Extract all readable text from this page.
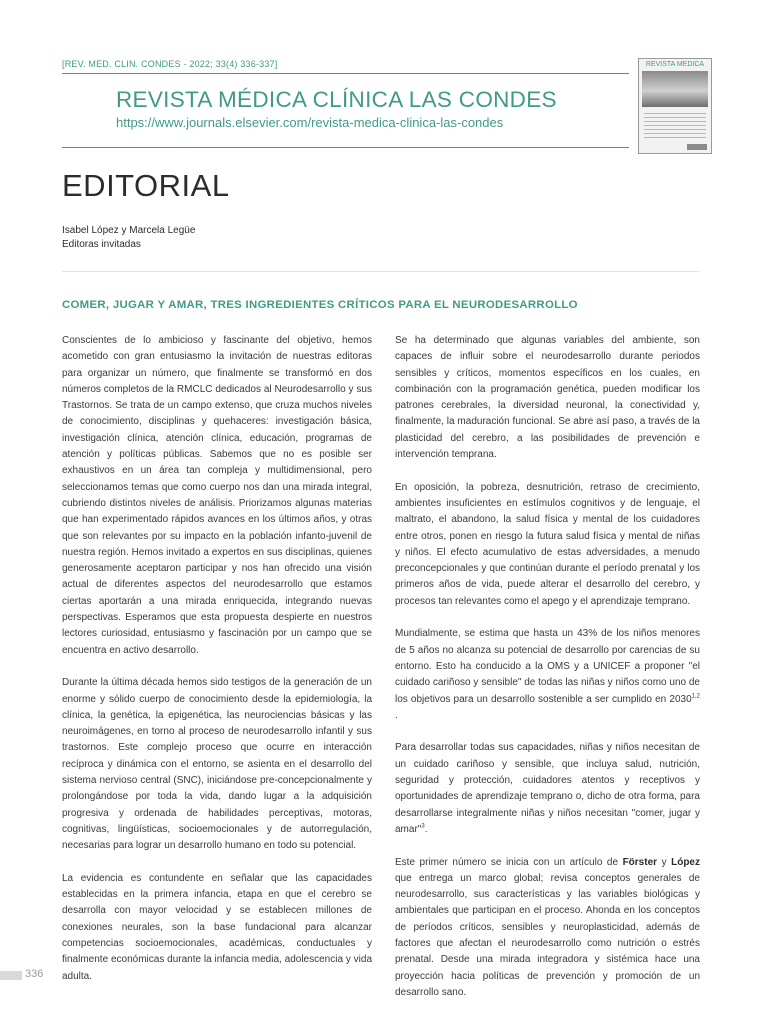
[REV. MED. CLIN. CONDES - 2022; 33(4) 336-337]
REVISTA MÉDICA CLÍNICA LAS CONDES
https://www.journals.elsevier.com/revista-medica-clinica-las-condes
REVISTA MÉDICA
EDITORIAL
Isabel López y Marcela Legüe
Editoras invitadas
COMER, JUGAR Y AMAR, TRES INGREDIENTES CRÍTICOS PARA EL NEURODESARROLLO

Conscientes de lo ambicioso y fascinante del objetivo, hemos acometido con gran entusiasmo la invitación de nuestras editoras para organizar un número, que finalmente se transformó en dos números completos de la RMCLC dedicados al Neurodesarrollo y sus Trastornos. Se trata de un campo extenso, que cruza muchos niveles de conocimiento, disciplinas y quehaceres: investigación básica, investigación clínica, atención clínica, educación, programas de atención y políticas públicas. Sabemos que no es posible ser exhaustivos en un área tan compleja y multidimensional, pero seleccionamos temas que como cuerpo nos dan una mirada integral, cubriendo distintos niveles de análisis. Priorizamos algunas materias que han experimentado rápidos avances en los últimos años, y otras que son relevantes por su impacto en la población infanto-juvenil de nuestra región. Hemos invitado a expertos en sus disciplinas, quienes generosamente aceptaron participar y nos han ofrecido una visión actual de diferentes aspectos del neurodesarrollo que estamos ciertas aportarán a una mirada enriquecida, integrando nuevas perspectivas. Esperamos que esta propuesta despierte en nuestros lectores curiosidad, entusiasmo y fascinación por un campo que se encuentra en activo desarrollo.

Durante la última década hemos sido testigos de la generación de un enorme y sólido cuerpo de conocimiento desde la epidemiología, la clínica, la genética, la epigenética, las neurociencias básicas y las neuroimágenes, en torno al proceso de neurodesarrollo infantil y sus trastornos. Este complejo proceso que ocurre en interacción recíproca y dinámica con el entorno, se asienta en el desarrollo del sistema nervioso central (SNC), iniciándose pre-concepcionalmente y prolongándose por toda la vida, dando lugar a la adquisición progresiva y ordenada de habilidades perceptivas, motoras, cognitivas, lingüísticas, socioemocionales y de autorregulación, necesarias para lograr un desarrollo humano en todo su potencial.

La evidencia es contundente en señalar que las capacidades establecidas en la primera infancia, etapa en que el cerebro se desarrolla con mayor velocidad y se establecen millones de conexiones neurales, son la base fundacional para alcanzar competencias socioemocionales, académicas, conductuales y finalmente económicas durante la infancia media, adolescencia y vida adulta.

Se ha determinado que algunas variables del ambiente, son capaces de influir sobre el neurodesarrollo durante periodos sensibles y críticos, momentos específicos en los cuales, en combinación con la programación genética, pueden modificar los patrones cerebrales, la diversidad neuronal, la conectividad y, finalmente, la maduración funcional. Se abre así paso, a través de la plasticidad del cerebro, a las posibilidades de prevención e intervención temprana.

En oposición, la pobreza, desnutrición, retraso de crecimiento, ambientes insuficientes en estímulos cognitivos y de lenguaje, el maltrato, el abandono, la salud física y mental de los cuidadores entre otros, ponen en riesgo la futura salud física y mental de niñas y niños. El efecto acumulativo de estas adversidades, a menudo preconcepcionales y que continúan durante el período prenatal y los primeros años de vida, puede alterar el desarrollo del cerebro, y procesos tan relevantes como el apego y el aprendizaje temprano.

Mundialmente, se estima que hasta un 43% de los niños menores de 5 años no alcanza su potencial de desarrollo por carencias de su entorno. Esto ha conducido a la OMS y a UNICEF a proponer "el cuidado cariñoso y sensible" de todas las niñas y niños como uno de los objetivos para un desarrollo sostenible a ser cumplido en 2030$^{1,2}$ .

Para desarrollar todas sus capacidades, niñas y niños necesitan de un cuidado cariñoso y sensible, que incluya salud, nutrición, seguridad y protección, cuidadores atentos y receptivos y oportunidades de aprendizaje temprano o, dicho de otra forma, para desarrollarse integralmente niñas y niños necesitan "comer, jugar y amar"$^3$.

Este primer número se inicia con un artículo de Förster y López que entrega un marco global; revisa conceptos generales de neurodesarrollo, sus características y las variables biológicas y ambientales que participan en el proceso. Ahonda en los conceptos de períodos críticos, sensibles y neuroplasticidad, además de factores que afectan el neurodesarrollo como nutrición o estrés prenatal. Desde una mirada integradora y sistémica hace una proyección hacia políticas de prevención y promoción de un desarrollo sano.

336
